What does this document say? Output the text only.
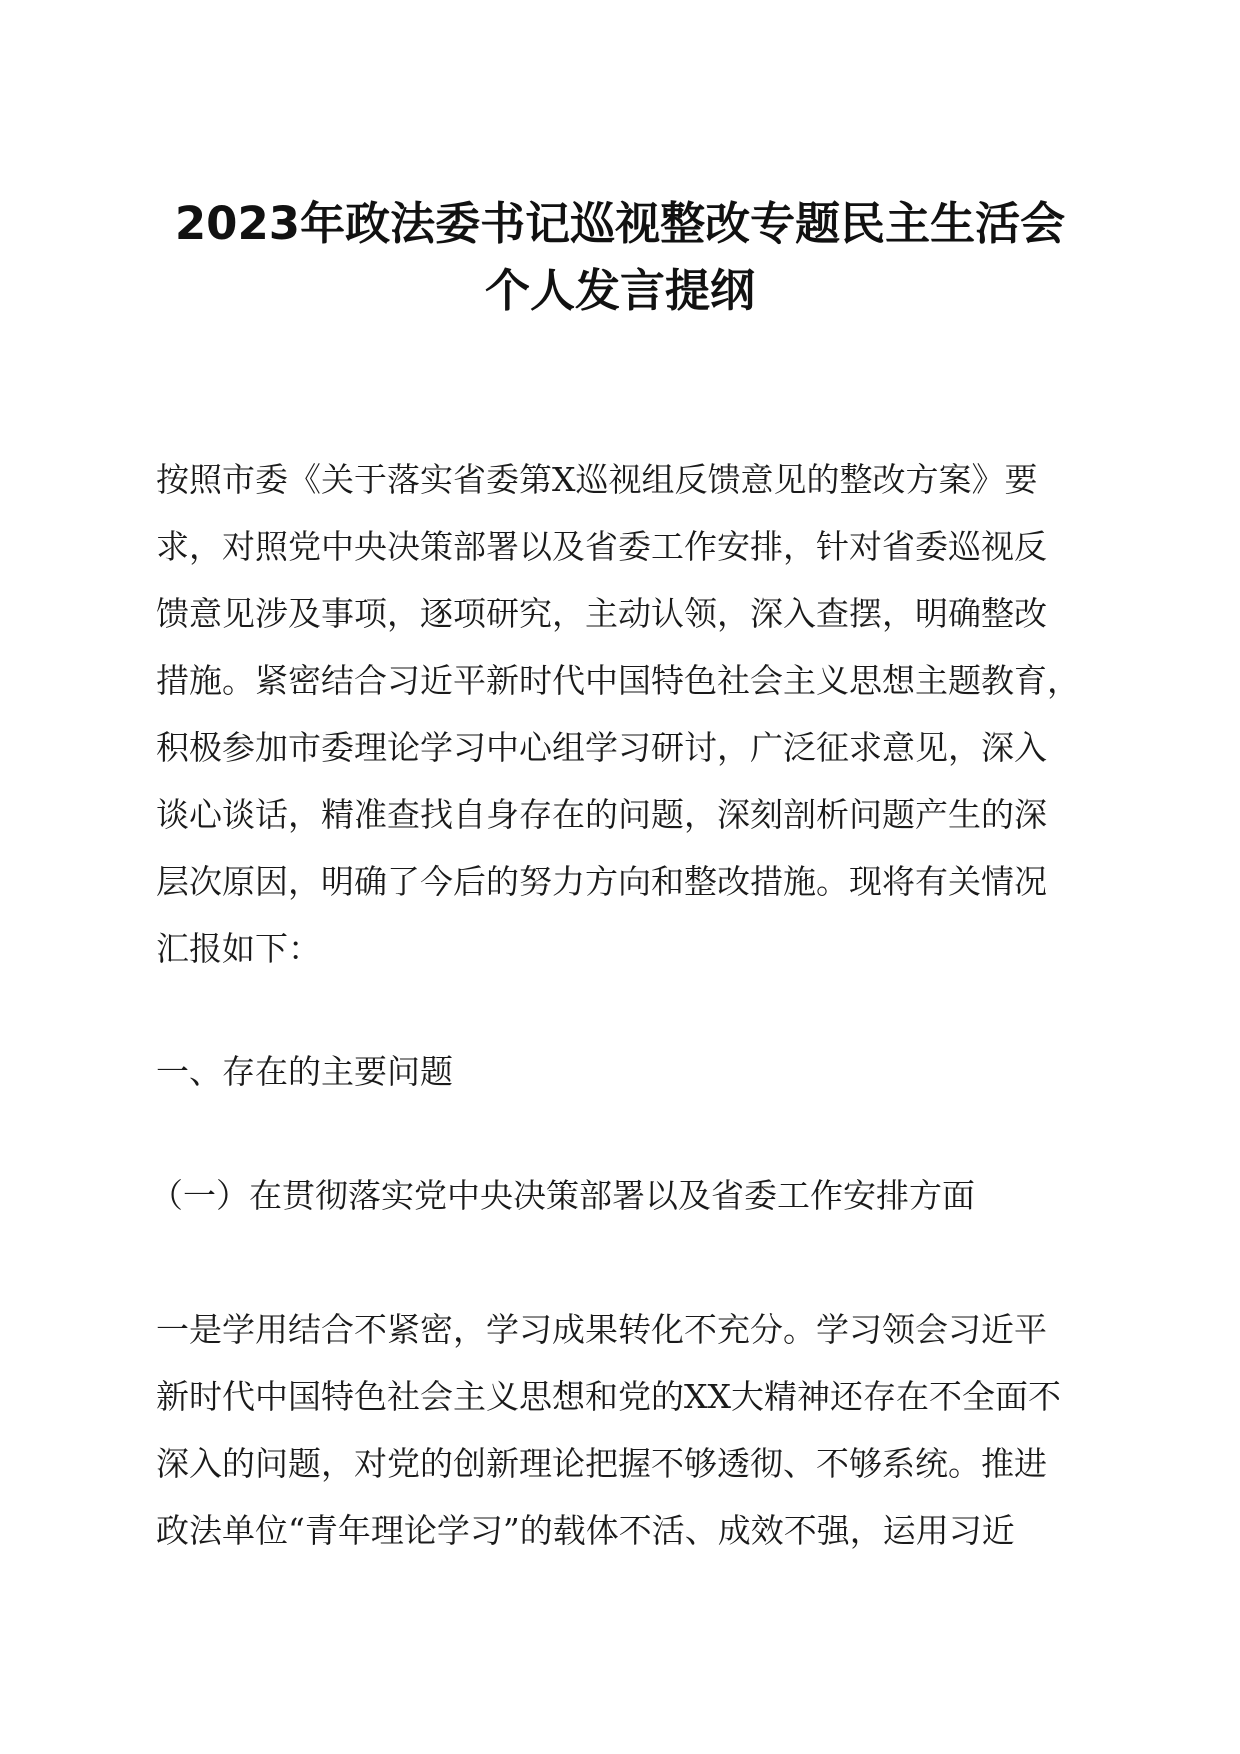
2023年政法委书记巡视整改专题民主生活会
个人发言提纲
按照市委《关于落实省委第X巡视组反馈意见的整改方案》要
求，对照党中央决策部署以及省委工作安排，针对省委巡视反
馈意见涉及事项，逐项研究，主动认领，深入查摆，明确整改
措施。紧密结合习近平新时代中国特色社会主义思想主题教育，
积极参加市委理论学习中心组学习研讨，广泛征求意见，深入
谈心谈话，精准查找自身存在的问题，深刻剖析问题产生的深
层次原因，明确了今后的努力方向和整改措施。现将有关情况
汇报如下：
一、存在的主要问题
（一）在贯彻落实党中央决策部署以及省委工作安排方面
一是学用结合不紧密，学习成果转化不充分。学习领会习近平
新时代中国特色社会主义思想和党的XX大精神还存在不全面不
深入的问题，对党的创新理论把握不够透彻、不够系统。推进
政法单位“青年理论学习”的载体不活、成效不强，运用习近
